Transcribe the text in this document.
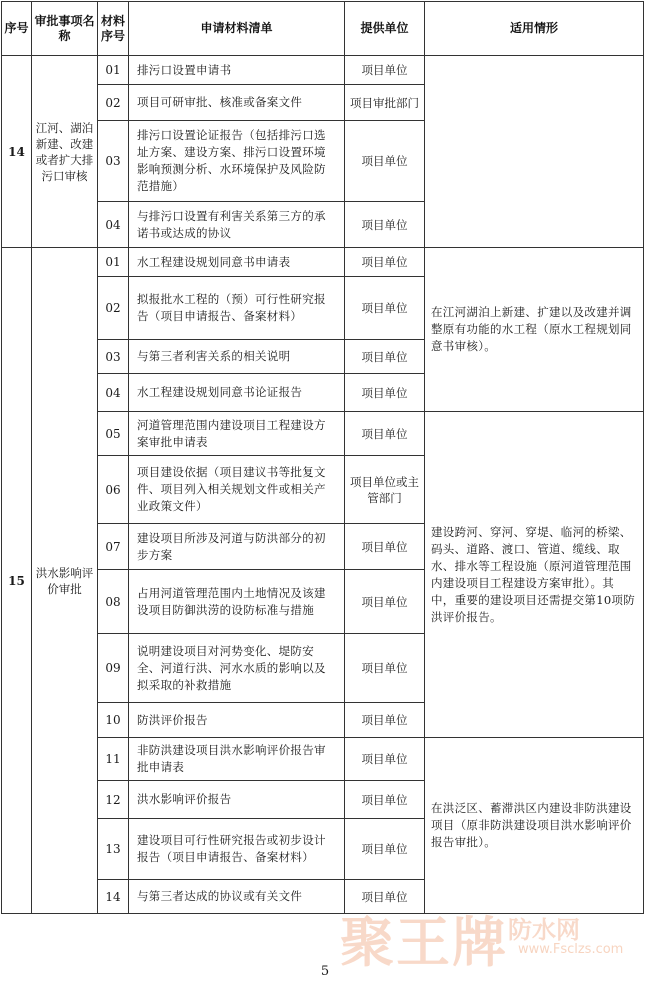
序号	审批事项名称	材料序号	申请材料清单	提供单位	适用情形
14	江河、湖泊新建、改建或者扩大排污口审核	01	排污口设置申请书	项目单位	
		02	项目可研审批、核准或备案文件	项目审批部门	
		03	排污口设置论证报告（包括排污口选址方案、建设方案、排污口设置环境影响预测分析、水环境保护及风险防范措施）	项目单位	
		04	与排污口设置有利害关系第三方的承诺书或达成的协议	项目单位	
15	洪水影响评价审批	01	水工程建设规划同意书申请表	项目单位	在江河湖泊上新建、扩建以及改建并调整原有功能的水工程（原水工程规划同意书审核）。
		02	拟报批水工程的（预）可行性研究报告（项目申请报告、备案材料）	项目单位	
		03	与第三者利害关系的相关说明	项目单位	
		04	水工程建设规划同意书论证报告	项目单位	
		05	河道管理范围内建设项目工程建设方案审批申请表	项目单位	建设跨河、穿河、穿堤、临河的桥梁、码头、道路、渡口、管道、缆线、取水、排水等工程设施（原河道管理范围内建设项目工程建设方案审批）。其中，重要的建设项目还需提交第10项防洪评价报告。
		06	项目建设依据（项目建议书等批复文件、项目列入相关规划文件或相关产业政策文件）	项目单位或主管部门	
		07	建设项目所涉及河道与防洪部分的初步方案	项目单位	
		08	占用河道管理范围内土地情况及该建设项目防御洪涝的设防标准与措施	项目单位	
		09	说明建设项目对河势变化、堤防安全、河道行洪、河水水质的影响以及拟采取的补救措施	项目单位	
		10	防洪评价报告	项目单位	
		11	非防洪建设项目洪水影响评价报告审批申请表	项目单位	在洪泛区、蓄滞洪区内建设非防洪建设项目（原非防洪建设项目洪水影响评价报告审批）。
		12	洪水影响评价报告	项目单位	
		13	建设项目可行性研究报告或初步设计报告（项目申请报告、备案材料）	项目单位	
		14	与第三者达成的协议或有关文件	项目单位	
聚王牌 防水网
www.Fsclzs.com
5
